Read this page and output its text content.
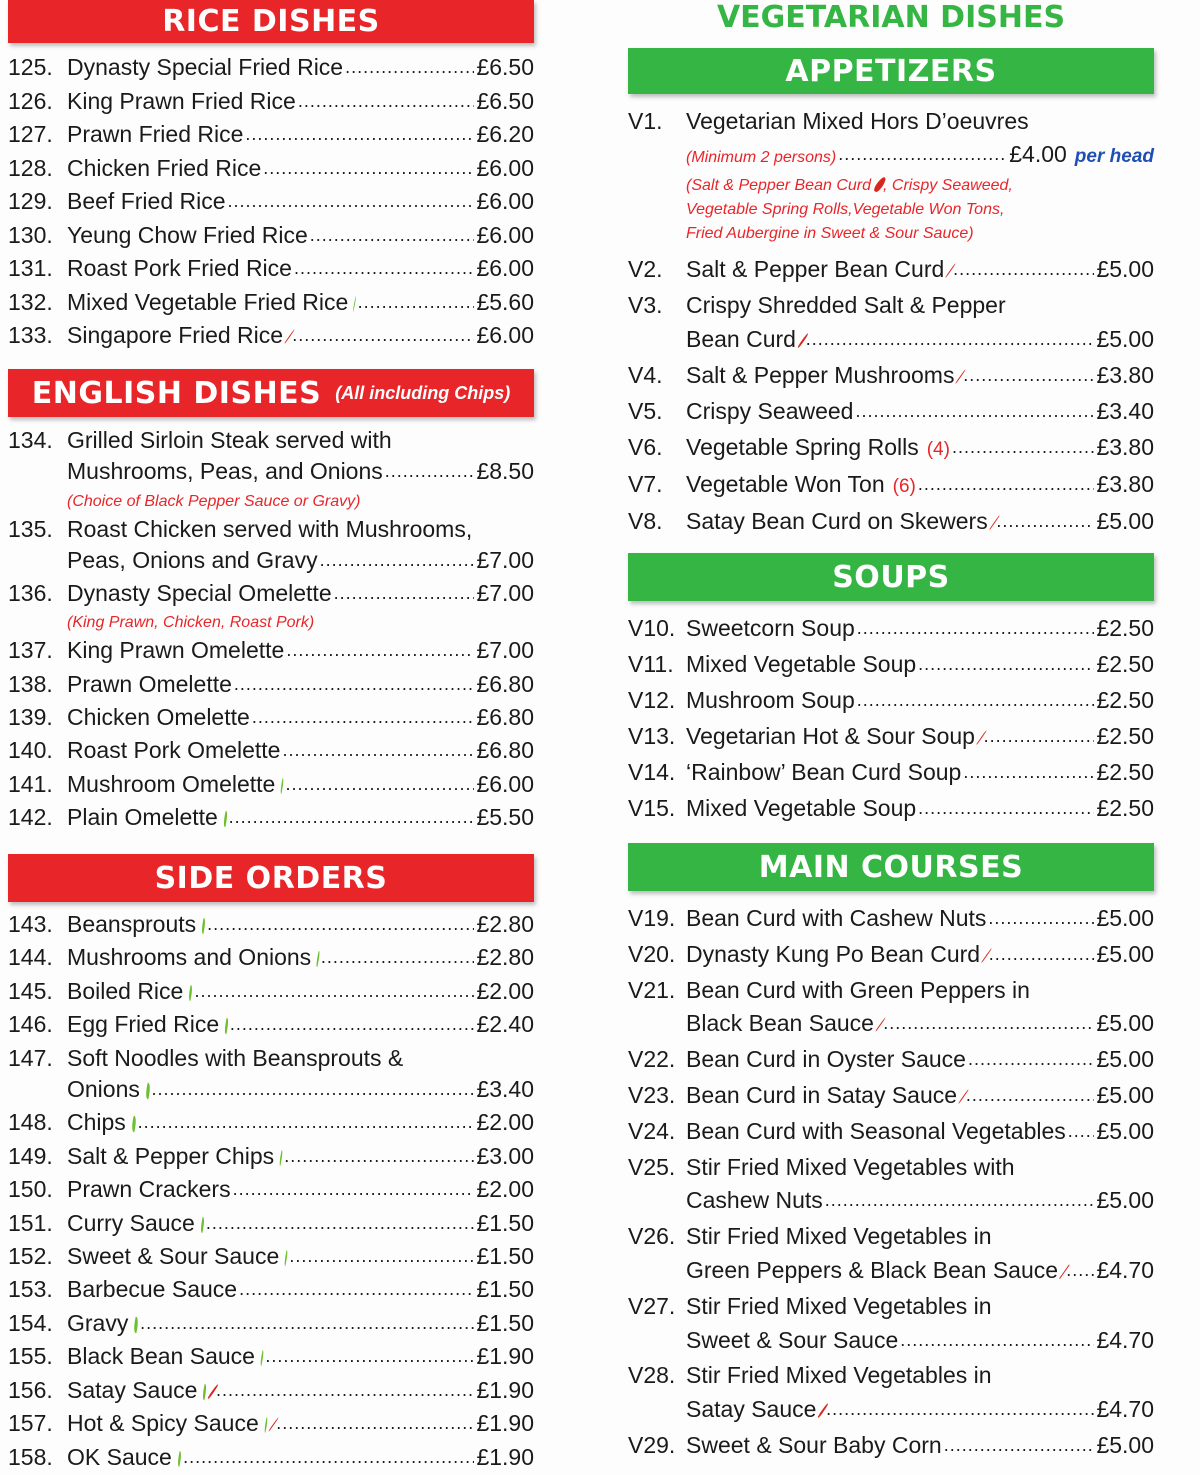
RICE DISHES
125. Dynasty Special Fried Rice .....	£6.50
126. King Prawn Fried Rice .....	£6.50
127. Prawn Fried Rice .....	£6.20
128. Chicken Fried Rice .....	£6.00
129. Beef Fried Rice .....	£6.00
130. Yeung Chow Fried Rice .....	£6.00
131. Roast Pork Fried Rice .....	£6.00
132. Mixed Vegetable Fried Rice .....	£5.60
133. Singapore Fried Rice .....	£6.00
ENGLISH DISHES (All including Chips)
134. Grilled Sirloin Steak served with
Mushrooms, Peas, and Onions .....	£8.50
(Choice of Black Pepper Sauce or Gravy)
135. Roast Chicken served with Mushrooms,
Peas, Onions and Gravy .....	£7.00
136. Dynasty Special Omelette .....	£7.00
(King Prawn, Chicken, Roast Pork)
137. King Prawn Omelette .....	£7.00
138. Prawn Omelette .....	£6.80
139. Chicken Omelette .....	£6.80
140. Roast Pork Omelette .....	£6.80
141. Mushroom Omelette .....	£6.00
142. Plain Omelette .....	£5.50
SIDE ORDERS
143. Beansprouts .....	£2.80
144. Mushrooms and Onions .....	£2.80
145. Boiled Rice .....	£2.00
146. Egg Fried Rice .....	£2.40
147. Soft Noodles with Beansprouts &
Onions .....	£3.40
148. Chips .....	£2.00
149. Salt & Pepper Chips .....	£3.00
150. Prawn Crackers .....	£2.00
151. Curry Sauce .....	£1.50
152. Sweet & Sour Sauce .....	£1.50
153. Barbecue Sauce .....	£1.50
154. Gravy .....	£1.50
155. Black Bean Sauce .....	£1.90
156. Satay Sauce .....	£1.90
157. Hot & Spicy Sauce .....	£1.90
158. OK Sauce .....	£1.90
VEGETARIAN DISHES
APPETIZERS
V1.	Vegetarian Mixed Hors D’oeuvres
(Minimum 2 persons) .....	£4.00 per head
(Salt & Pepper Bean Curd , Crispy Seaweed,
Vegetable Spring Rolls,Vegetable Won Tons,
Fried Aubergine in Sweet & Sour Sauce)
V2.	Salt & Pepper Bean Curd .....	£5.00
V3.	Crispy Shredded Salt & Pepper
Bean Curd .....	£5.00
V4.	Salt & Pepper Mushrooms .....	£3.80
V5.	Crispy Seaweed .....	£3.40
V6.	Vegetable Spring Rolls (4) .....	£3.80
V7.	Vegetable Won Ton (6) .....	£3.80
V8.	Satay Bean Curd on Skewers .....	£5.00
SOUPS
V10. Sweetcorn Soup .....	£2.50
V11. Mixed Vegetable Soup .....	£2.50
V12. Mushroom Soup .....	£2.50
V13. Vegetarian Hot & Sour Soup .....	£2.50
V14. ‘Rainbow’ Bean Curd Soup .....	£2.50
V15. Mixed Vegetable Soup .....	£2.50
MAIN COURSES
V19. Bean Curd with Cashew Nuts .....	£5.00
V20. Dynasty Kung Po Bean Curd .....	£5.00
V21. Bean Curd with Green Peppers in
Black Bean Sauce .....	£5.00
V22. Bean Curd in Oyster Sauce .....	£5.00
V23. Bean Curd in Satay Sauce .....	£5.00
V24. Bean Curd with Seasonal Vegetables ..... £5.00
V25. Stir Fried Mixed Vegetables with
Cashew Nuts .....	£5.00
V26. Stir Fried Mixed Vegetables in
Green Peppers & Black Bean Sauce ..... £4.70
V27. Stir Fried Mixed Vegetables in
Sweet & Sour Sauce .....	£4.70
V28. Stir Fried Mixed Vegetables in
Satay Sauce .....	£4.70
V29. Sweet & Sour Baby Corn .....	£5.00
